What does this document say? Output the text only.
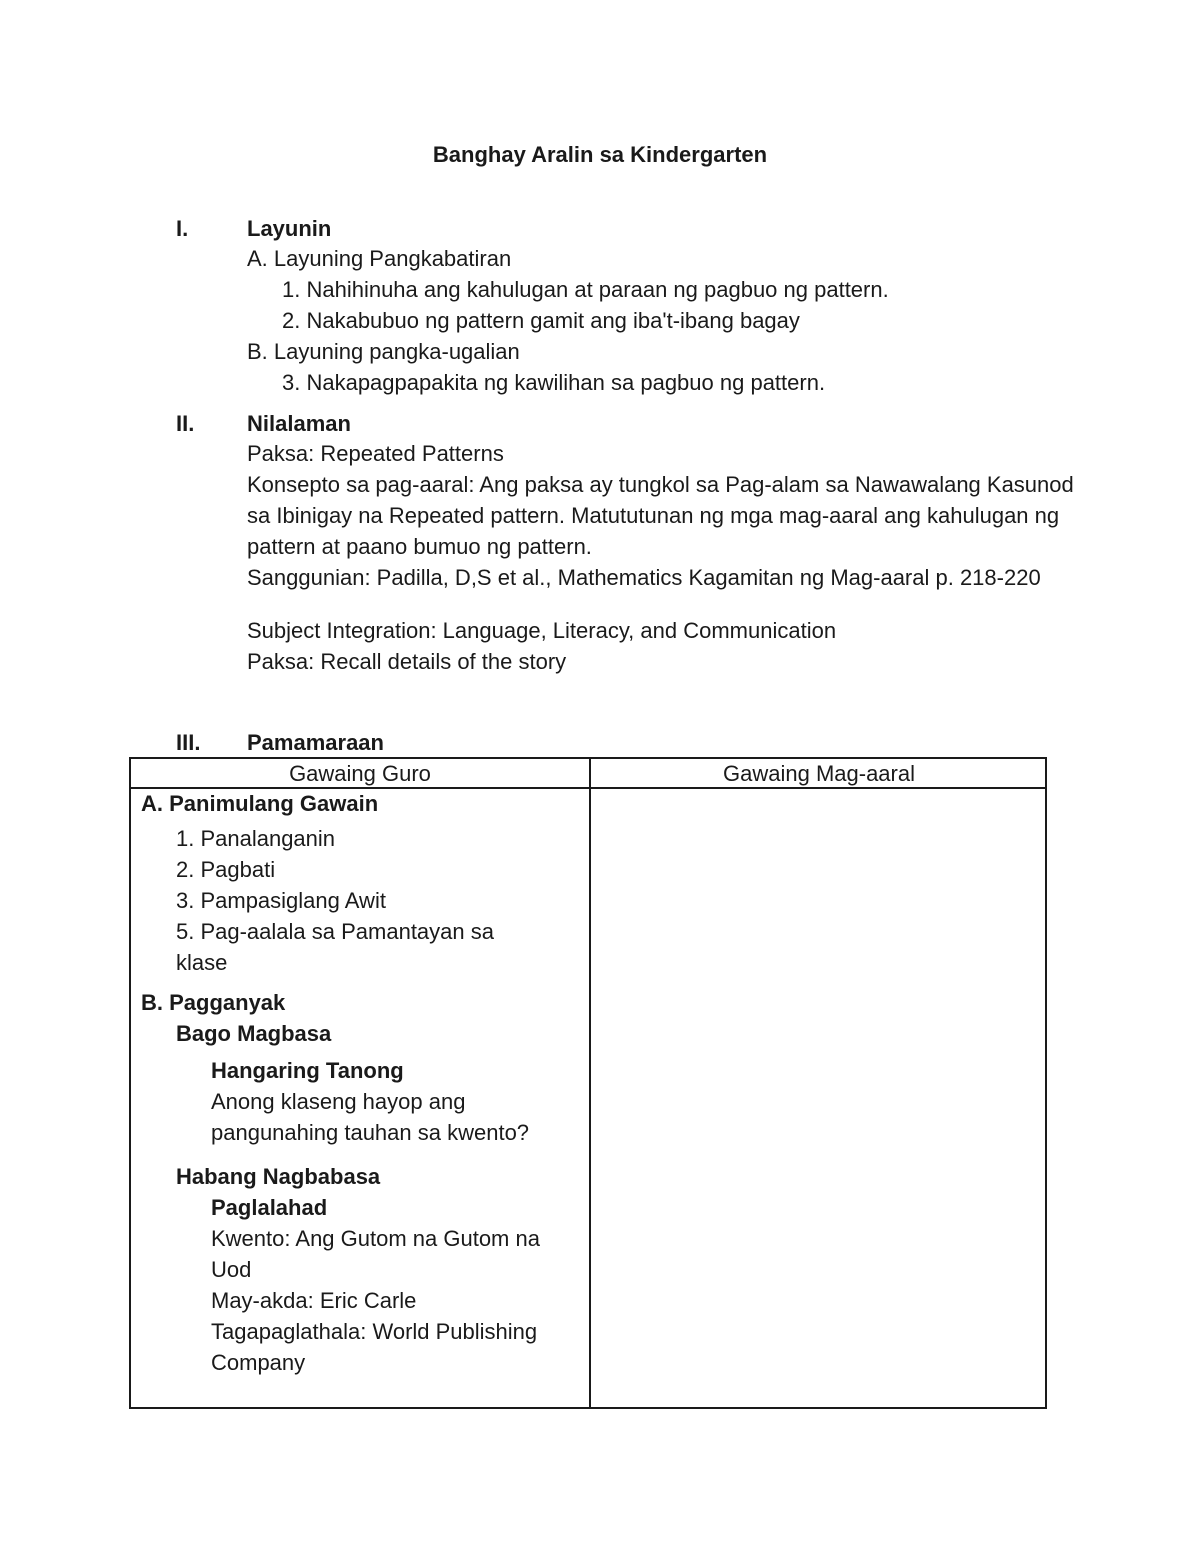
Banghay Aralin sa Kindergarten
I.	Layunin
A. Layuning Pangkabatiran
1. Nahihinuha ang kahulugan at paraan ng pagbuo ng pattern.
2. Nakabubuo ng pattern gamit ang iba't-ibang bagay
B. Layuning pangka-ugalian
3. Nakapagpapakita ng kawilihan sa pagbuo ng pattern.
II. Nilalaman

Paksa: Repeated Patterns

Konsepto sa pag-aaral: Ang paksa ay tungkol sa Pag-alam sa Nawawalang Kasunod sa Ibinigay na Repeated pattern. Matututunan ng mga mag-aaral ang kahulugan ng pattern at paano bumuo ng pattern.

Sanggunian: Padilla, D,S et al., Mathematics Kagamitan ng Mag-aaral p. 218-220

Subject Integration: Language, Literacy, and Communication

Paksa: Recall details of the story

III. Pamamaraan
Gawaing Guro	Gawaing Mag-aaral
A. Panimulang Gawain
1. Panalanganin
2. Pagbati
3. Pampasiglang Awit
5. Pag-aalala sa Pamantayan sa klase
B. Pagganyak
Bago Magbasa
Hangaring Tanong
Anong klaseng hayop ang pangunahing tauhan sa kwento?
Habang Nagbabasa
Paglalahad
Kwento: Ang Gutom na Gutom na Uod
May-akda: Eric Carle
Tagapaglathala: World Publishing Company
